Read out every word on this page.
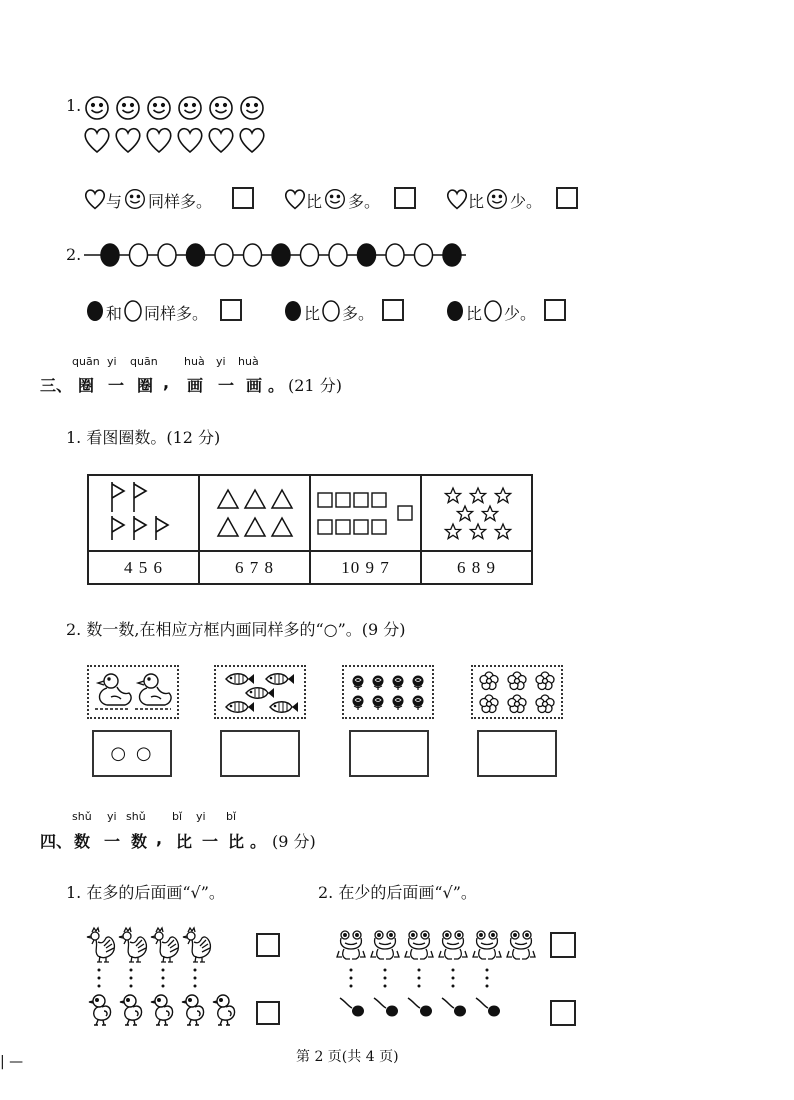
1.
与 同样多。	比 多。	比 少。
2.
和 同样多。	比 多。	比 少。
quān yi quān huà yi huà
三、 圈 一 圈 , 画 一 画 。 (21 分)
1. 看图圈数。(12 分)

4 5 6	6 7 8	10 9 7	6 8 9
2. 数一数,在相应方框内画同样多的“○”。(9 分)
○ ○
shǔ yi shǔ bǐ yi bǐ
四、 数 一 数 , 比 一 比 。 (9 分)
1. 在多的后面画“√”。	2. 在少的后面画“√”。
第 2 页(共 4 页)
| —
